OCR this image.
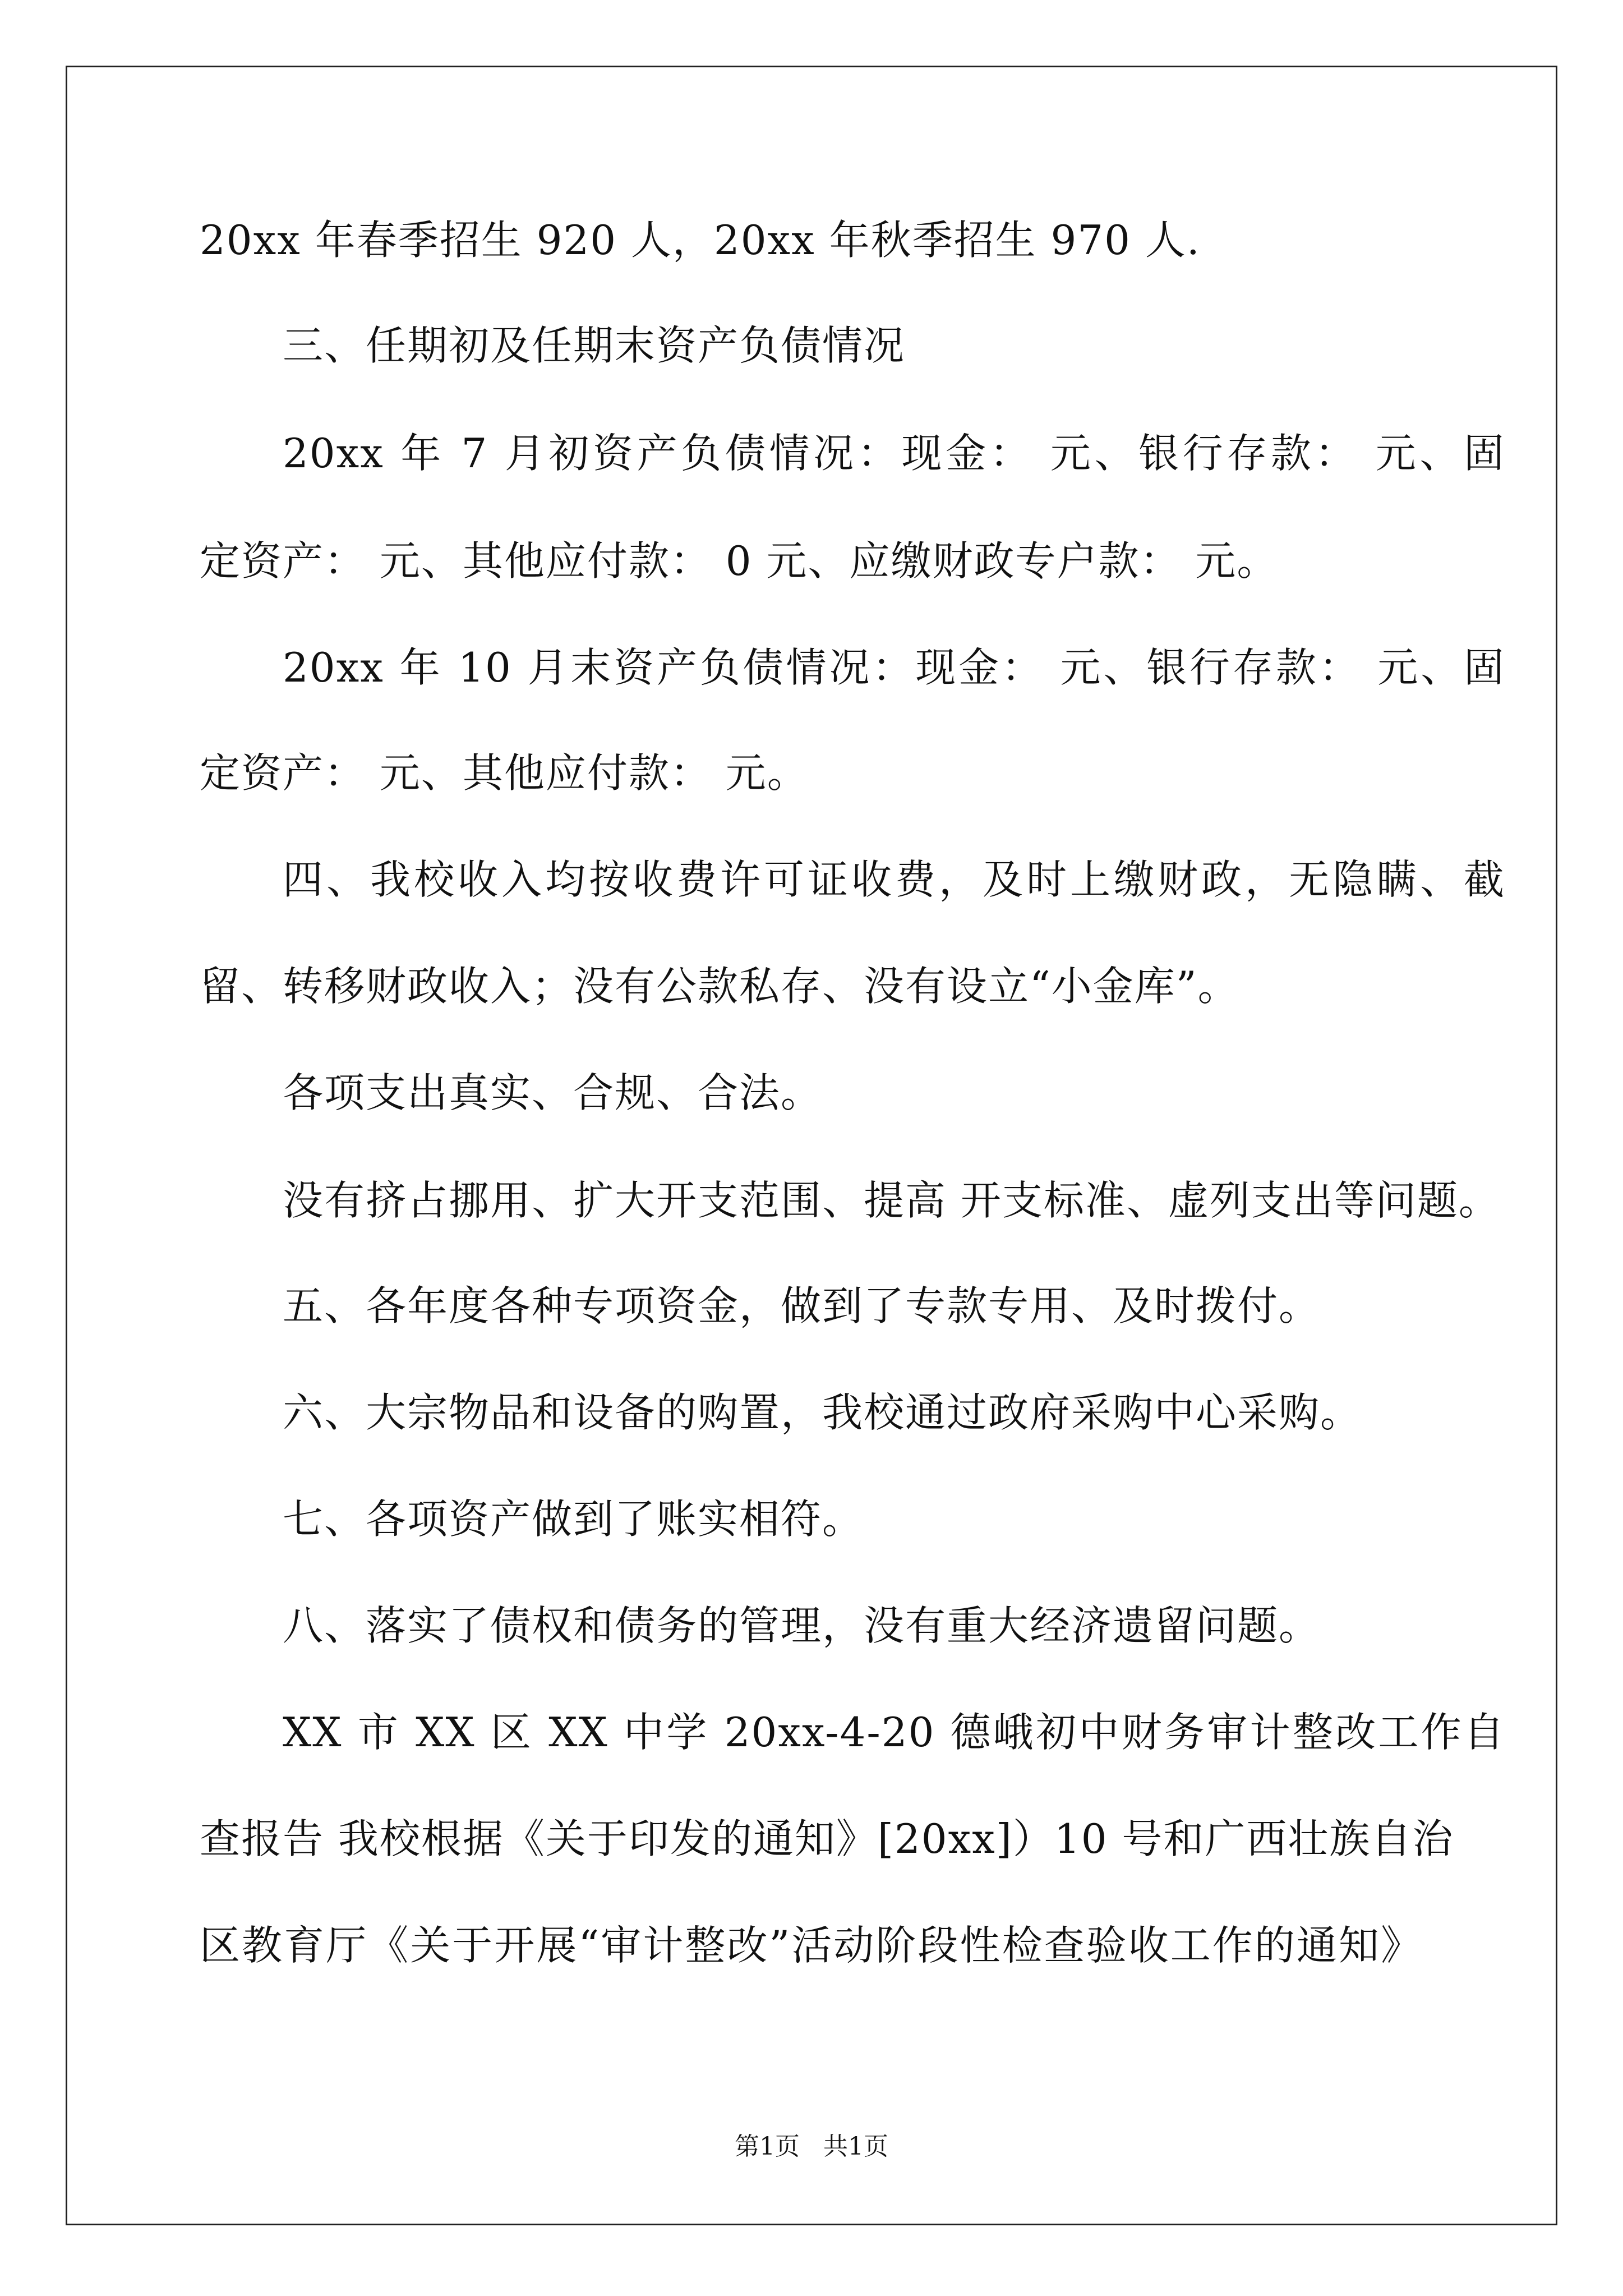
20xx 年春季招生 920 人，20xx 年秋季招生 970 人.
三、任期初及任期末资产负债情况
20xx 年 7 月初资产负债情况：现金： 元、银行存款： 元、固
定资产： 元、其他应付款： 0 元、应缴财政专户款： 元。
20xx 年 10 月末资产负债情况：现金： 元、银行存款： 元、固
定资产： 元、其他应付款： 元。
四、我校收入均按收费许可证收费，及时上缴财政，无隐瞒、截
留、转移财政收入；没有公款私存、没有设立“小金库”。
各项支出真实、合规、合法。
没有挤占挪用、扩大开支范围、提高 开支标准、虚列支出等问题。
五、各年度各种专项资金，做到了专款专用、及时拨付。
六、大宗物品和设备的购置，我校通过政府采购中心采购。
七、各项资产做到了账实相符。
八、落实了债权和债务的管理，没有重大经济遗留问题。
XX 市 XX 区 XX 中学 20xx-4-20 德峨初中财务审计整改工作自
查报告 我校根据《关于印发的通知》[20xx]）10 号和广西壮族自治
区教育厅《关于开展“审计整改”活动阶段性检查验收工作的通知》
第1页 共1页
